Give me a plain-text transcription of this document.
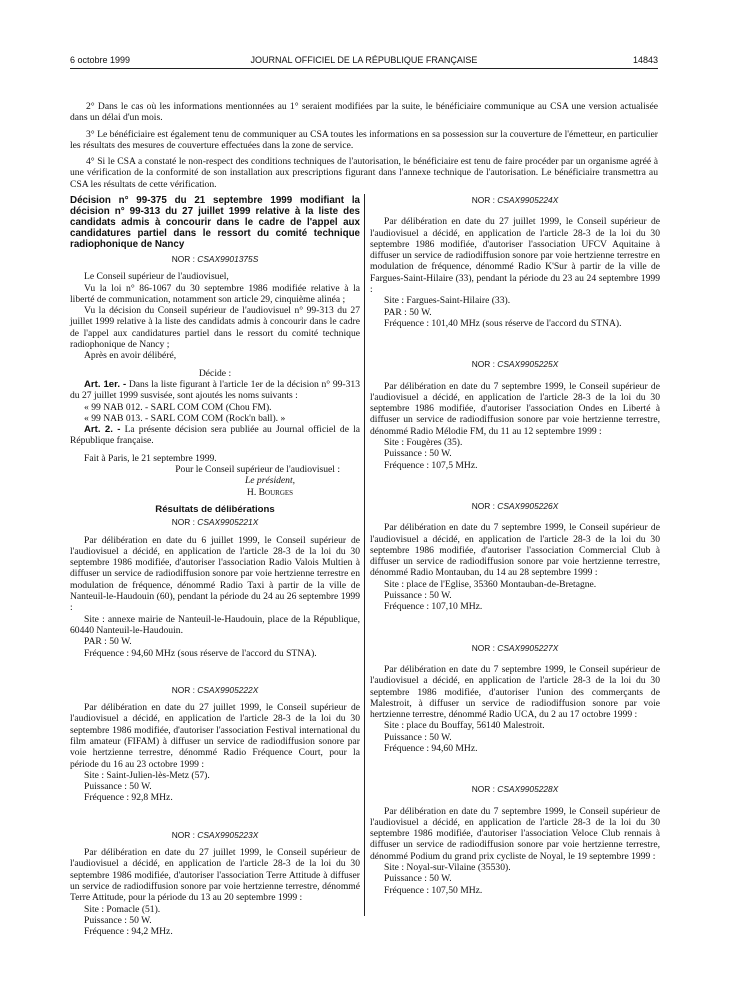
6 octobre 1999	JOURNAL OFFICIEL DE LA RÉPUBLIQUE FRANÇAISE	14843

2° Dans le cas où les informations mentionnées au 1° seraient modifiées par la suite, le bénéficiaire communique au CSA une version actualisée dans un délai d'un mois.

3° Le bénéficiaire est également tenu de communiquer au CSA toutes les informations en sa possession sur la couverture de l'émetteur, en particulier les résultats des mesures de couverture effectuées dans la zone de service.

4° Si le CSA a constaté le non-respect des conditions techniques de l'autorisation, le bénéficiaire est tenu de faire procéder par un organisme agréé à une vérification de la conformité de son installation aux prescriptions figurant dans l'annexe technique de l'autorisation. Le bénéficiaire transmettra au CSA les résultats de cette vérification.

Décision n° 99-375 du 21 septembre 1999 modifiant la décision n° 99-313 du 27 juillet 1999 relative à la liste des candidats admis à concourir dans le cadre de l'appel aux candidatures partiel dans le ressort du comité technique radiophonique de Nancy
NOR : CSAX9901375S

Le Conseil supérieur de l'audiovisuel,

Vu la loi n° 86-1067 du 30 septembre 1986 modifiée relative à la liberté de communication, notamment son article 29, cinquième alinéa ;

Vu la décision du Conseil supérieur de l'audiovisuel n° 99-313 du 27 juillet 1999 relative à la liste des candidats admis à concourir dans le cadre de l'appel aux candidatures partiel dans le ressort du comité technique radiophonique de Nancy ;

Après en avoir délibéré,

Décide :

Art. 1er. - Dans la liste figurant à l'article 1er de la décision n° 99-313 du 27 juillet 1999 susvisée, sont ajoutés les noms suivants :

« 99 NAB 012. - SARL COM COM (Chou FM).

« 99 NAB 013. - SARL COM COM (Rock'n ball). »

Art. 2. - La présente décision sera publiée au Journal officiel de la République française.

Fait à Paris, le 21 septembre 1999.

Pour le Conseil supérieur de l'audiovisuel :

Le président,

H. Bourges

Résultats de délibérations
NOR : CSAX9905221X

Par délibération en date du 6 juillet 1999, le Conseil supérieur de l'audiovisuel a décidé, en application de l'article 28-3 de la loi du 30 septembre 1986 modifiée, d'autoriser l'association Radio Valois Multien à diffuser un service de radiodiffusion sonore par voie hertzienne terrestre en modulation de fréquence, dénommé Radio Taxi à partir de la ville de Nanteuil-le-Haudouin (60), pendant la période du 24 au 26 septembre 1999 :

Site : annexe mairie de Nanteuil-le-Haudouin, place de la République, 60440 Nanteuil-le-Haudouin.

PAR : 50 W.

Fréquence : 94,60 MHz (sous réserve de l'accord du STNA).

NOR : CSAX9905222X

Par délibération en date du 27 juillet 1999, le Conseil supérieur de l'audiovisuel a décidé, en application de l'article 28-3 de la loi du 30 septembre 1986 modifiée, d'autoriser l'association Festival international du film amateur (FIFAM) à diffuser un service de radiodiffusion sonore par voie hertzienne terrestre, dénommé Radio Fréquence Court, pour la période du 16 au 23 octobre 1999 :

Site : Saint-Julien-lès-Metz (57).

Puissance : 50 W.

Fréquence : 92,8 MHz.

NOR : CSAX9905223X

Par délibération en date du 27 juillet 1999, le Conseil supérieur de l'audiovisuel a décidé, en application de l'article 28-3 de la loi du 30 septembre 1986 modifiée, d'autoriser l'association Terre Attitude à diffuser un service de radiodiffusion sonore par voie hertzienne terrestre, dénommé Terre Attitude, pour la période du 13 au 20 septembre 1999 :

Site : Pomacle (51).

Puissance : 50 W.

Fréquence : 94,2 MHz.

NOR : CSAX9905224X

Par délibération en date du 27 juillet 1999, le Conseil supérieur de l'audiovisuel a décidé, en application de l'article 28-3 de la loi du 30 septembre 1986 modifiée, d'autoriser l'association UFCV Aquitaine à diffuser un service de radiodiffusion sonore par voie hertzienne terrestre en modulation de fréquence, dénommé Radio K'Sur à partir de la ville de Fargues-Saint-Hilaire (33), pendant la période du 23 au 24 septembre 1999 :

Site : Fargues-Saint-Hilaire (33).

PAR : 50 W.

Fréquence : 101,40 MHz (sous réserve de l'accord du STNA).

NOR : CSAX9905225X

Par délibération en date du 7 septembre 1999, le Conseil supérieur de l'audiovisuel a décidé, en application de l'article 28-3 de la loi du 30 septembre 1986 modifiée, d'autoriser l'association Ondes en Liberté à diffuser un service de radiodiffusion sonore par voie hertzienne terrestre, dénommé Radio Mélodie FM, du 11 au 12 septembre 1999 :

Site : Fougères (35).

Puissance : 50 W.

Fréquence : 107,5 MHz.

NOR : CSAX9905226X

Par délibération en date du 7 septembre 1999, le Conseil supérieur de l'audiovisuel a décidé, en application de l'article 28-3 de la loi du 30 septembre 1986 modifiée, d'autoriser l'association Commercial Club à diffuser un service de radiodiffusion sonore par voie hertzienne terrestre, dénommé Radio Montauban, du 14 au 28 septembre 1999 :

Site : place de l'Eglise, 35360 Montauban-de-Bretagne.

Puissance : 50 W.

Fréquence : 107,10 MHz.

NOR : CSAX9905227X

Par délibération en date du 7 septembre 1999, le Conseil supérieur de l'audiovisuel a décidé, en application de l'article 28-3 de la loi du 30 septembre 1986 modifiée, d'autoriser l'union des commerçants de Malestroit, à diffuser un service de radiodiffusion sonore par voie hertzienne terrestre, dénommé Radio UCA, du 2 au 17 octobre 1999 :

Site : place du Bouffay, 56140 Malestroit.

Puissance : 50 W.

Fréquence : 94,60 MHz.

NOR : CSAX9905228X

Par délibération en date du 7 septembre 1999, le Conseil supérieur de l'audiovisuel a décidé, en application de l'article 28-3 de la loi du 30 septembre 1986 modifiée, d'autoriser l'association Veloce Club rennais à diffuser un service de radiodiffusion sonore par voie hertzienne terrestre, dénommé Podium du grand prix cycliste de Noyal, le 19 septembre 1999 :

Site : Noyal-sur-Vilaine (35530).

Puissance : 50 W.

Fréquence : 107,50 MHz.
